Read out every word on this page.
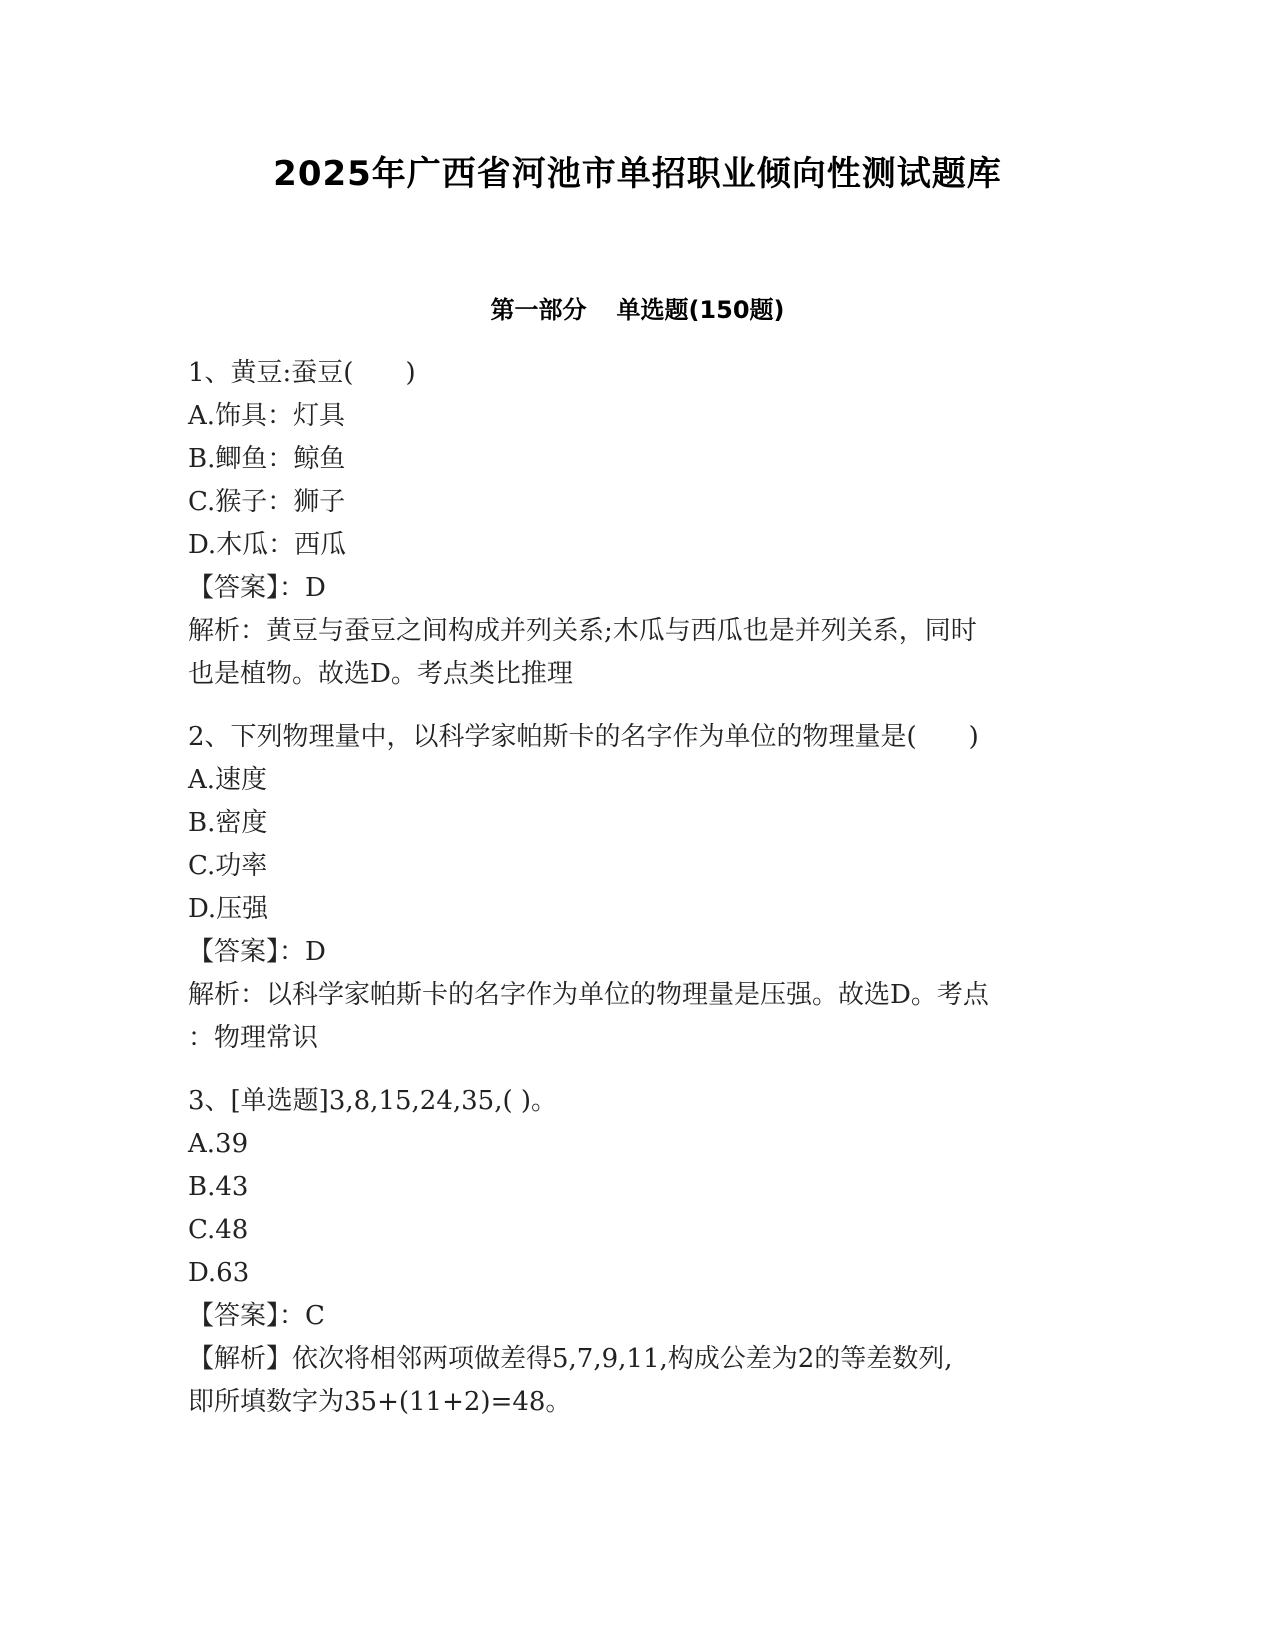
2025年广西省河池市单招职业倾向性测试题库
第一部分 单选题(150题)
1、黄豆:蚕豆(　　)
A.饰具：灯具
B.鲫鱼：鲸鱼
C.猴子：狮子
D.木瓜：西瓜
【答案】：D
解析：黄豆与蚕豆之间构成并列关系;木瓜与西瓜也是并列关系，同时
也是植物。故选D。考点类比推理
2、下列物理量中，以科学家帕斯卡的名字作为单位的物理量是(　　)
A.速度
B.密度
C.功率
D.压强
【答案】：D
解析：以科学家帕斯卡的名字作为单位的物理量是压强。故选D。考点
：物理常识
3、[单选题]3,8,15,24,35,( )。
A.39
B.43
C.48
D.63
【答案】：C
【解析】依次将相邻两项做差得5,7,9,11,构成公差为2的等差数列,
即所填数字为35+(11+2)=48。
